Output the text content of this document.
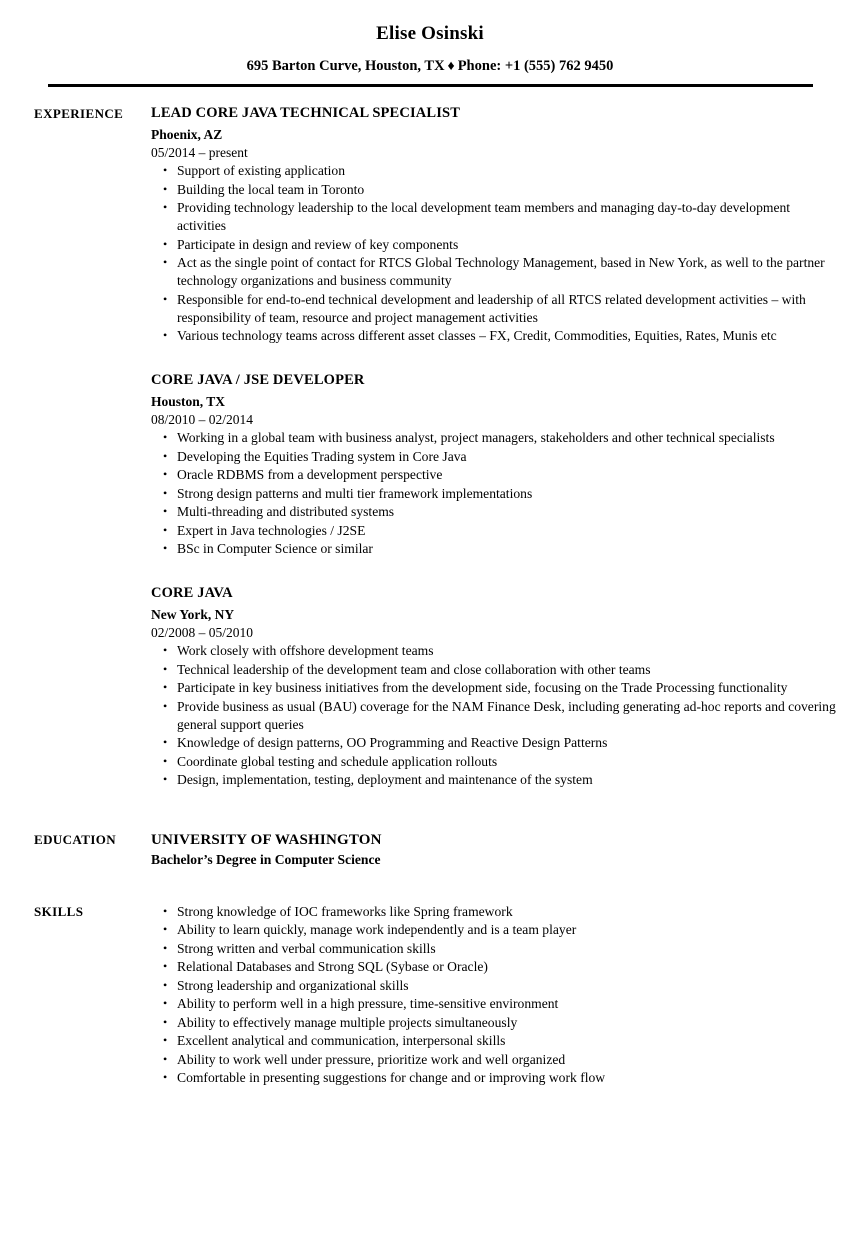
Elise Osinski
695 Barton Curve, Houston, TX ♦ Phone: +1 (555) 762 9450
EXPERIENCE	LEAD CORE JAVA TECHNICAL SPECIALIST
Phoenix, AZ
05/2014 – present
• Support of existing application
• Building the local team in Toronto
• Providing technology leadership to the local development team members and managing day-to-day development activities
• Participate in design and review of key components
• Act as the single point of contact for RTCS Global Technology Management, based in New York, as well to the partner technology organizations and business community
• Responsible for end-to-end technical development and leadership of all RTCS related development activities – with responsibility of team, resource and project management activities
• Various technology teams across different asset classes – FX, Credit, Commodities, Equities, Rates, Munis etc
CORE JAVA / JSE DEVELOPER
Houston, TX
08/2010 – 02/2014
• Working in a global team with business analyst, project managers, stakeholders and other technical specialists
• Developing the Equities Trading system in Core Java
• Oracle RDBMS from a development perspective
• Strong design patterns and multi tier framework implementations
• Multi-threading and distributed systems
• Expert in Java technologies / J2SE
• BSc in Computer Science or similar
CORE JAVA
New York, NY
02/2008 – 05/2010
• Work closely with offshore development teams
• Technical leadership of the development team and close collaboration with other teams
• Participate in key business initiatives from the development side, focusing on the Trade Processing functionality
• Provide business as usual (BAU) coverage for the NAM Finance Desk, including generating ad-hoc reports and covering general support queries
• Knowledge of design patterns, OO Programming and Reactive Design Patterns
• Coordinate global testing and schedule application rollouts
• Design, implementation, testing, deployment and maintenance of the system
EDUCATION	UNIVERSITY OF WASHINGTON
Bachelor’s Degree in Computer Science
SKILLS	• Strong knowledge of IOC frameworks like Spring framework
• Ability to learn quickly, manage work independently and is a team player
• Strong written and verbal communication skills
• Relational Databases and Strong SQL (Sybase or Oracle)
• Strong leadership and organizational skills
• Ability to perform well in a high pressure, time-sensitive environment
• Ability to effectively manage multiple projects simultaneously
• Excellent analytical and communication, interpersonal skills
• Ability to work well under pressure, prioritize work and well organized
• Comfortable in presenting suggestions for change and or improving work flow
